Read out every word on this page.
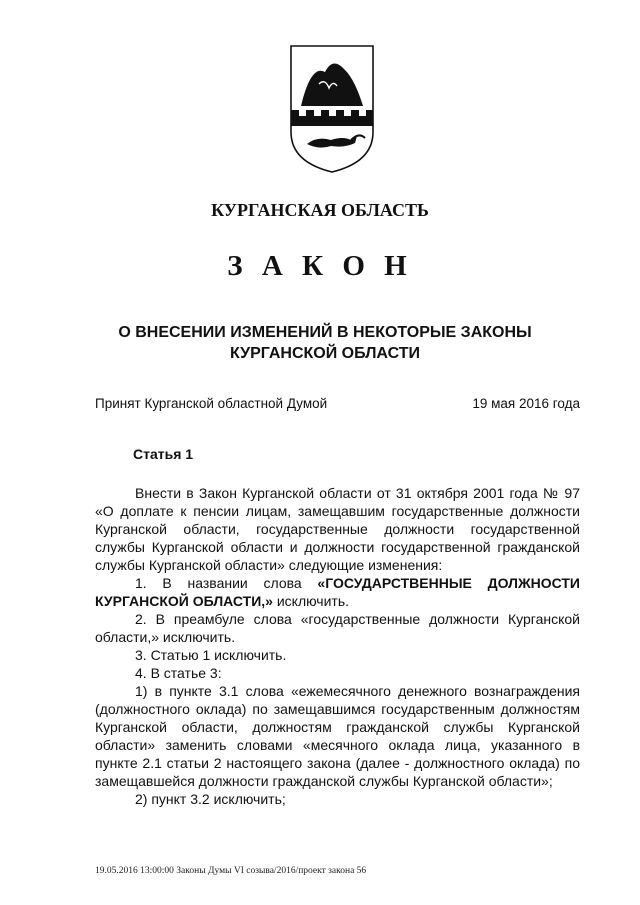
КУРГАНСКАЯ ОБЛАСТЬ
З А К О Н
О ВНЕСЕНИИ ИЗМЕНЕНИЙ В НЕКОТОРЫЕ ЗАКОНЫ
КУРГАНСКОЙ ОБЛАСТИ
Принят Курганской областной Думой	19 мая 2016 года
Статья 1

Внести в Закон Курганской области от 31 октября 2001 года № 97 «О доплате к пенсии лицам, замещавшим государственные должности Курганской области, государственные должности государственной службы Курганской области и должности государственной гражданской службы Курганской области» следующие изменения:

1. В названии слова «ГОСУДАРСТВЕННЫЕ ДОЛЖНОСТИ КУРГАНСКОЙ ОБЛАСТИ,» исключить.

2. В преамбуле слова «государственные должности Курганской области,» исключить.

3. Статью 1 исключить.

4. В статье 3:

1) в пункте 3.1 слова «ежемесячного денежного вознаграждения (должностного оклада) по замещавшимся государственным должностям Курганской области, должностям гражданской службы Курганской области» заменить словами «месячного оклада лица, указанного в пункте 2.1 статьи 2 настоящего закона (далее - должностного оклада) по замещавшейся должности гражданской службы Курганской области»;

2) пункт 3.2 исключить;

19.05.2016 13:00:00 Законы Думы VI созыва/2016/проект закона 56
